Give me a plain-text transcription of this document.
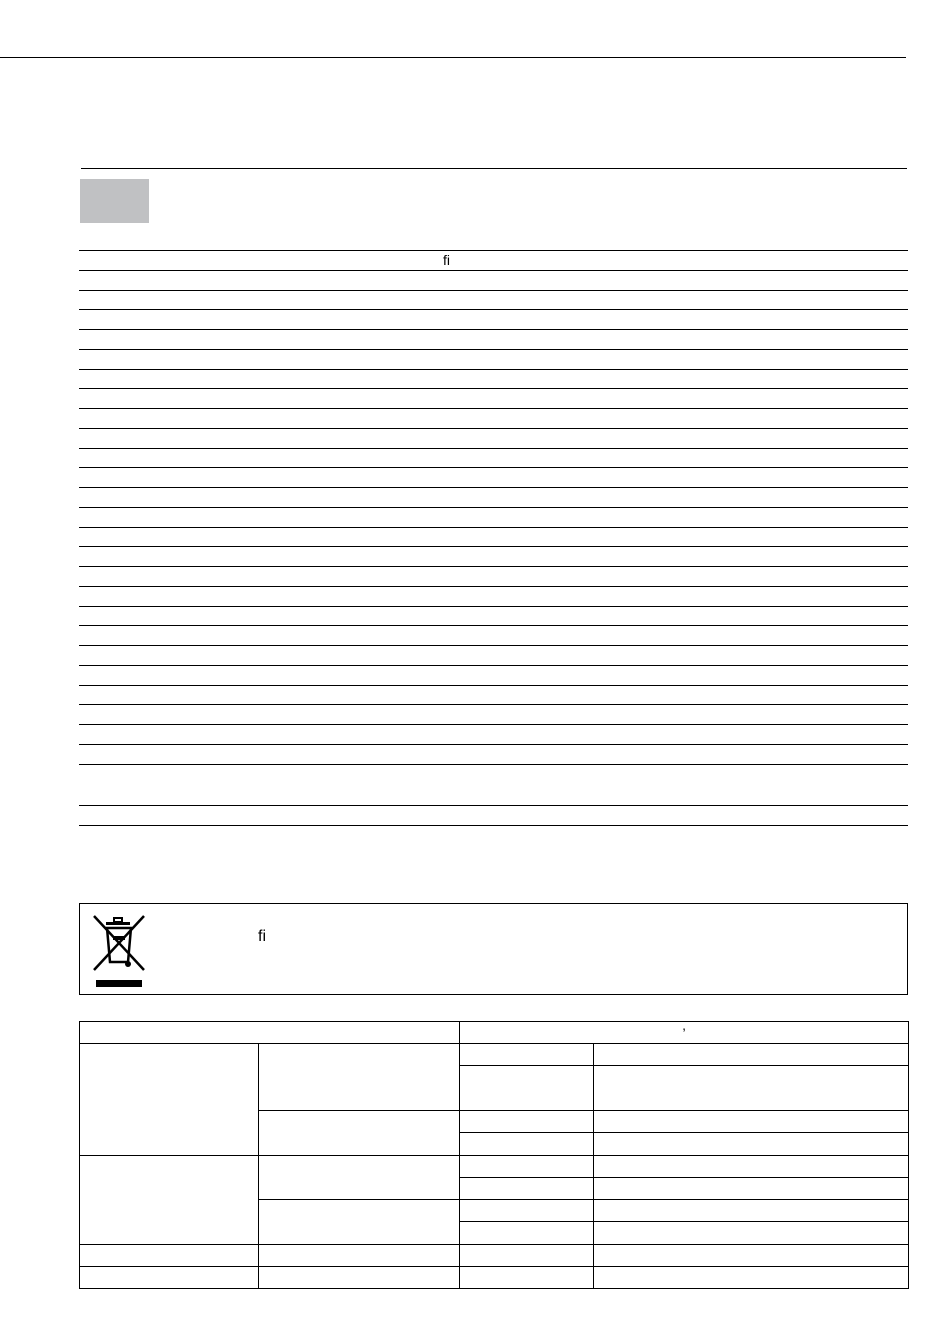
fi
fi
		’	
